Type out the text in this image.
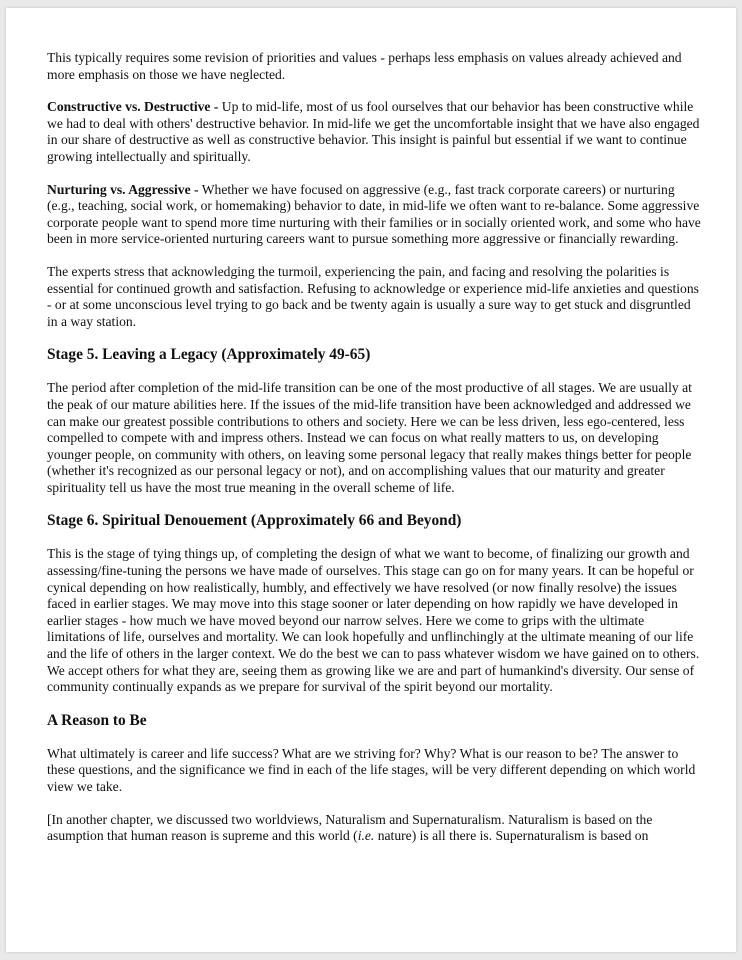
This typically requires some revision of priorities and values - perhaps less emphasis on values already achieved and more emphasis on those we have neglected.

Constructive vs. Destructive - Up to mid-life, most of us fool ourselves that our behavior has been constructive while we had to deal with others' destructive behavior. In mid-life we get the uncomfortable insight that we have also engaged in our share of destructive as well as constructive behavior. This insight is painful but essential if we want to continue growing intellectually and spiritually.

Nurturing vs. Aggressive - Whether we have focused on aggressive (e.g., fast track corporate careers) or nurturing (e.g., teaching, social work, or homemaking) behavior to date, in mid-life we often want to re-balance. Some aggressive corporate people want to spend more time nurturing with their families or in socially oriented work, and some who have been in more service-oriented nurturing careers want to pursue something more aggressive or financially rewarding.

The experts stress that acknowledging the turmoil, experiencing the pain, and facing and resolving the polarities is essential for continued growth and satisfaction. Refusing to acknowledge or experience mid-life anxieties and questions - or at some unconscious level trying to go back and be twenty again is usually a sure way to get stuck and disgruntled in a way station.

Stage 5. Leaving a Legacy (Approximately 49-65)

The period after completion of the mid-life transition can be one of the most productive of all stages. We are usually at the peak of our mature abilities here. If the issues of the mid-life transition have been acknowledged and addressed we can make our greatest possible contributions to others and society. Here we can be less driven, less ego-centered, less compelled to compete with and impress others. Instead we can focus on what really matters to us, on developing younger people, on community with others, on leaving some personal legacy that really makes things better for people (whether it's recognized as our personal legacy or not), and on accomplishing values that our maturity and greater spirituality tell us have the most true meaning in the overall scheme of life.

Stage 6. Spiritual Denouement (Approximately 66 and Beyond)

This is the stage of tying things up, of completing the design of what we want to become, of finalizing our growth and assessing/fine-tuning the persons we have made of ourselves. This stage can go on for many years. It can be hopeful or cynical depending on how realistically, humbly, and effectively we have resolved (or now finally resolve) the issues faced in earlier stages. We may move into this stage sooner or later depending on how rapidly we have developed in earlier stages - how much we have moved beyond our narrow selves. Here we come to grips with the ultimate limitations of life, ourselves and mortality. We can look hopefully and unflinchingly at the ultimate meaning of our life and the life of others in the larger context. We do the best we can to pass whatever wisdom we have gained on to others. We accept others for what they are, seeing them as growing like we are and part of humankind's diversity. Our sense of community continually expands as we prepare for survival of the spirit beyond our mortality.

A Reason to Be

What ultimately is career and life success? What are we striving for? Why? What is our reason to be? The answer to these questions, and the significance we find in each of the life stages, will be very different depending on which world view we take.

[In another chapter, we discussed two worldviews, Naturalism and Supernaturalism. Naturalism is based on the asumption that human reason is supreme and this world (i.e. nature) is all there is. Supernaturalism is based on
